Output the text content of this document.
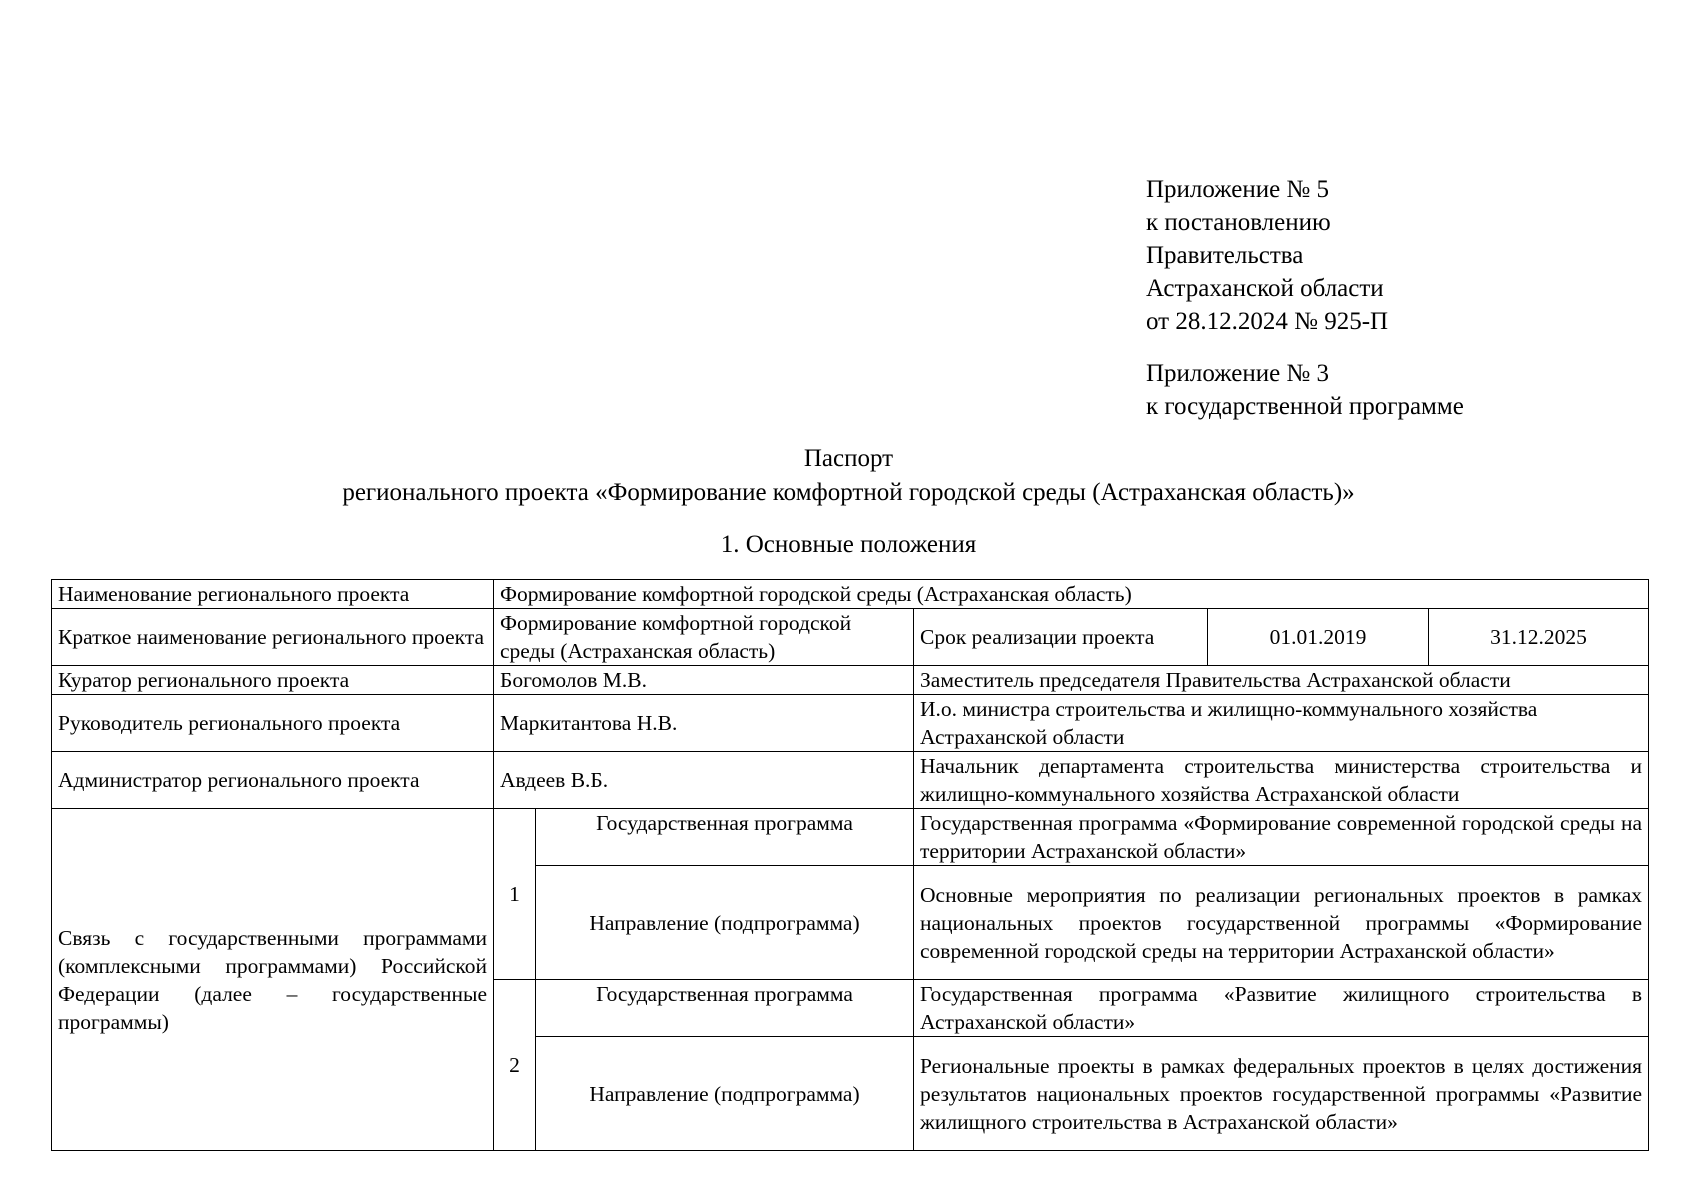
Приложение № 5
к постановлению
Правительства
Астраханской области
от 28.12.2024 № 925-П
Приложение № 3
к государственной программе
Паспорт
регионального проекта «Формирование комфортной городской среды (Астраханская область)»
1. Основные положения
Наименование регионального проекта	Формирование комфортной городской среды (Астраханская область)				
Краткое наименование регионального проекта	Формирование комфортной городской среды (Астраханская область)		Срок реализации проекта	01.01.2019	31.12.2025
Куратор регионального проекта	Богомолов М.В.		Заместитель председателя Правительства Астраханской области		
Руководитель регионального проекта	Маркитантова Н.В.		И.о. министра строительства и жилищно-коммунального хозяйства Астраханской области		
Администратор регионального проекта	Авдеев В.Б.		Начальник департамента строительства министерства строительства и жилищно-коммунального хозяйства Астраханской области		
Связь с государственными программами (комплексными программами) Российской Федерации (далее – государственные программы)	1	Государственная программа	Государственная программа «Формирование современной городской среды на территории Астраханской области»		
		Направление (подпрограмма)	Основные мероприятия по реализации региональных проектов в рамках национальных проектов государственной программы «Формирование современной городской среды на территории Астраханской области»		
	2	Государственная программа	Государственная программа «Развитие жилищного строительства в Астраханской области»		
		Направление (подпрограмма)	Региональные проекты в рамках федеральных проектов в целях достижения результатов национальных проектов государственной программы «Развитие жилищного строительства в Астраханской области»		
